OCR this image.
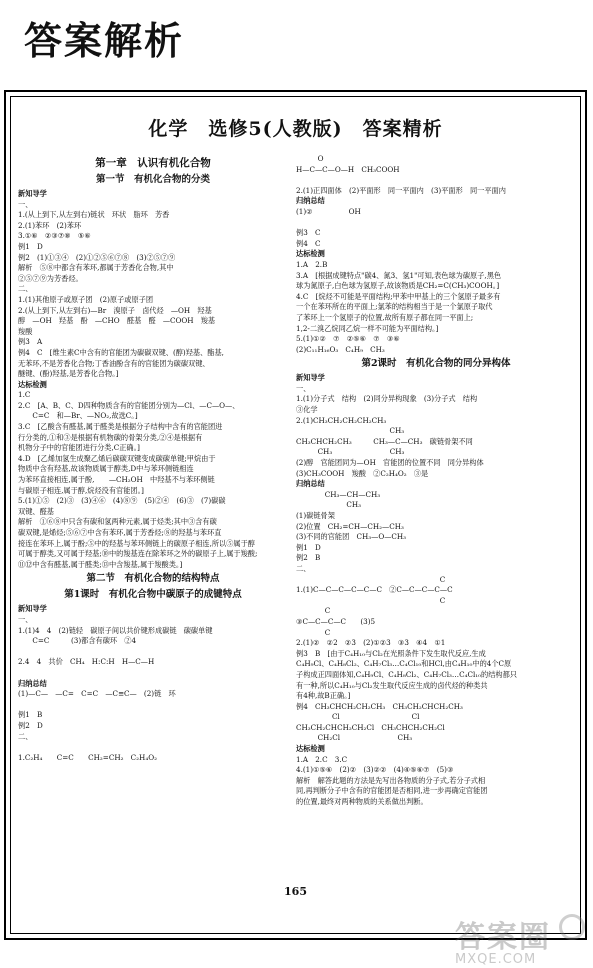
答案解析
化学　选修5(人教版)　答案精析
第一章　认识有机化合物
第一节　有机化合物的分类
新知导学
一、
1.(从上到下,从左到右)链状　环状　脂环　芳香
2.(1)苯环　(2)苯环
3.①⑥　②③⑦⑧　⑤⑥
例1　D
例2　(1)①③④　(2)①②⑤⑥⑦⑧　(3)②⑤⑦⑨
解析　⑤⑧中都含有苯环,都属于芳香化合物,其中
②⑤⑦⑨为芳香烃。
二、
1.(1)其他原子或原子团　(2)原子或原子团
2.(从上到下,从左到右)—Br　溴原子　卤代烃　—OH　羟基
醇　—OH　羟基　酚　—CHO　醛基　醛　—COOH　羧基
羧酸
例3　A
例4　C　[维生素C中含有的官能团为碳碳双键、(醇)羟基、酯基,
无苯环,不是芳香化合物;丁香油酚含有的官能团为碳碳双键、
醚键、(酚)羟基,是芳香化合物。]
达标检测
1.C
2.C　[A、B、C、D四种物质含有的官能团分别为—Cl、—C—O—、
　　C=C　和—Br、—NO₂,故选C。]
3.C　[乙酸含有醛基,属于醛类是根据分子结构中含有的官能团进
行分类的,①和③是根据有机物碳的骨架分类,②④是根据有
机物分子中的官能团进行分类,C正确。]
4.D　[乙烯加氢生成聚乙烯后碳碳双键变成碳碳单键;甲烷由于
物质中含有羟基,故该物质属于醇类,D中与苯环侧链相连
为苯环直接相连,属于酚,　　—CH₂OH　中羟基不与苯环侧链
与碳原子相连,属于醇,烷烃没有官能团。]
5.(1)①⑤　(2)③　(3)④⑥　(4)⑧⑨　(5)②④　(6)③　(7)碳碳
双键、醛基
解析　①⑥⑧中只含有碳和氢两种元素,属于烃类;其中③含有碳
碳双键,是烯烃;⑤⑥⑦中含有苯环,属于芳香烃;⑧的羟基与苯环直
接连在苯环上,属于酚;⑤中的羟基与苯环侧链上的碳原子相连,所以⑤属于醇
可属于醇类,又可属于羟基;⑩中的羧基连在除苯环之外的碳原子上,属于羧酸;
⑪⑫中含有醛基,属于醛类;⑬中含羧基,属于羧酸类。]
第二节　有机化合物的结构特点
第1课时　有机化合物中碳原子的成键特点
新知导学
一、
1.(1)4　4　(2)链轻　碳原子间以共价键形成碳链　碳碳单键
　　C=C　　　(3)都含有碳环　②4
2.4　4　共价　CH₄　H:C:H　H—C—H
归纳总结
(1)—C—　—C=　C=C　—C≡C—　(2)链　环
例1　B
例2　D
二、
1.C₂H₄　　C=C　　CH₂=CH₂　C₂H₄O₂
　　　O
H—C—C—O—H　CH₃COOH
2.(1)正四面体　(2)平面形　同一平面内　(3)平面形　同一平面内
归纳总结
(1)②　　　　　OH
例3　C
例4　C
达标检测
1.A　2.B
3.A　[根据成键特点"碳4、氮3、氢1"可知,表色球为碳原子,黑色
球为氮原子,白色球为氢原子,故该物质是CH₂=C(CH₃)COOH。]
4.C　[烷烃不可能是平面结构;甲苯中甲基上的三个氢原子最多有
一个在苯环所在的平面上;氯苯的结构相当于是一个氯原子取代
了苯环上一个氢原子的位置,故所有原子都在同一平面上;
1,2-二溴乙烷同乙烷一样不可能为平面结构。]
5.(1)①②　⑦　②⑤⑥　⑦　③⑥
(2)C₁₁H₁₆O₃　C₄H₉　CH₃
第2课时　有机化合物的同分异构体
新知导学
一、
1.(1)分子式　结构　(2)同分异构现象　(3)分子式　结构
③化学
2.(1)CH₃CH₂CH₂CH₂CH₃
　　　　　　　　　　　　　CH₃
CH₃CHCH₂CH₃　　　CH₃—C—CH₃　碳链骨架不同
　　　CH₃　　　　　　　　CH₃
(2)醇　官能团同为—OH　官能团的位置不同　同分异构体
(3)CH₃COOH　羧酸　②C₂H₄O₂　③是
归纳总结
　　　　CH₃—CH—CH₃
　　　　　　　CH₃
(1)碳链骨架
(2)位置　CH₂=CH—CH₂—CH₃
(3)不同的官能团　CH₃—O—CH₃
例1　D
例2　B
二、
　　　　　　　　　　　　　　　　　　　　C
1.(1)C—C—C—C—C—C　②C—C—C—C—C
　　　　　　　　　　　　　　　　　　　　C
　　　　C
③C—C—C—C　　(3)5
　　　　C
2.(1)②　②2　②3　(2)①②3　③3　④4　①1
例3　B　[由于C₄H₁₀与Cl₂在光照条件下发生取代反应,生成
C₄H₉Cl、C₄H₈Cl₂、C₄H₇Cl₃…C₄Cl₁₀和HCl,由C₄H₁₀中的4个C原
子构成正四面体知,C₄H₉Cl、C₄H₈Cl₂、C₄H₇Cl₃…C₄Cl₁₀的结构都只
有一种,所以C₄H₁₀与Cl₂发生取代反应生成的卤代烃的种类共
有4种,故B正确。]
例4　CH₃CHCH₂CH₂CH₃　CH₃CH₂CHCH₂CH₃
　　　　　Cl　　　　　　　　　　Cl
CH₃CH₂CHCH₂CH₂Cl　CH₃CHCH₂CH₂Cl
　　　CH₂Cl　　　　　　　　CH₃
达标检测
1.A　2.C　3.C
4.(1)①⑤⑥　(2)②　(3)②②　(4)④⑤⑥⑦　(5)③
解析　解答此题的方法是先写出各物质的分子式,若分子式相
同,再判断分子中含有的官能团是否相同,进一步再确定官能团
的位置,最终对两种物质的关系做出判断。
165
答案圈
MXQE.COM
